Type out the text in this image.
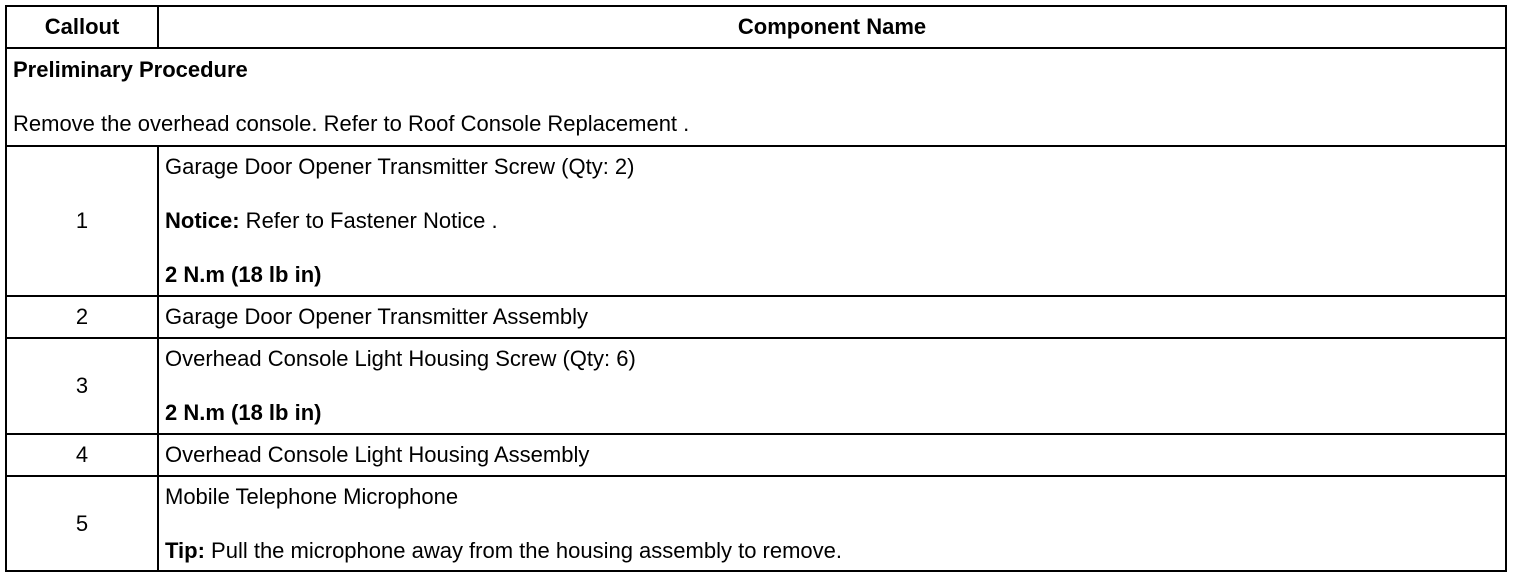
Callout	Component Name

Preliminary Procedure

Remove the overhead console. Refer to Roof Console Replacement .	

1	Garage Door Opener Transmitter Screw (Qty: 2)

Notice: Refer to Fastener Notice .

2 N.m (18 lb in)

2	Garage Door Opener Transmitter Assembly
3	Overhead Console Light Housing Screw (Qty: 6)

2 N.m (18 lb in)

4	Overhead Console Light Housing Assembly
5	Mobile Telephone Microphone

Tip: Pull the microphone away from the housing assembly to remove.
